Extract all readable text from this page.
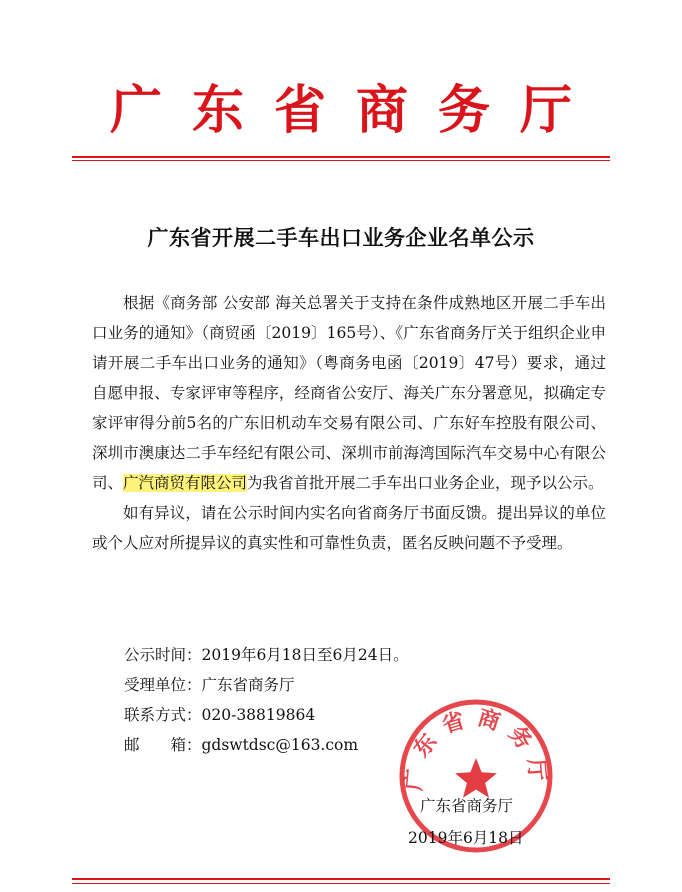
广东省商务厅
广东省开展二手车出口业务企业名单公示

根据《商务部 公安部 海关总署关于支持在条件成熟地区开展二手车出口业务的通知》（商贸函〔2019〕165号）、《广东省商务厅关于组织企业申请开展二手车出口业务的通知》（粤商务电函〔2019〕47号）要求，通过自愿申报、专家评审等程序，经商省公安厅、海关广东分署意见，拟确定专家评审得分前5名的广东旧机动车交易有限公司、广东好车控股有限公司、深圳市澳康达二手车经纪有限公司、深圳市前海湾国际汽车交易中心有限公司、广汽商贸有限公司为我省首批开展二手车出口业务企业，现予以公示。

如有异议，请在公示时间内实名向省商务厅书面反馈。提出异议的单位或个人应对所提异议的真实性和可靠性负责，匿名反映问题不予受理。

公示时间：2019年6月18日至6月24日。
受理单位：广东省商务厅
联系方式：020-38819864
邮　　箱：gdswtdsc@163.com
广东省商务厅
广东省商务厅
2019年6月18日
